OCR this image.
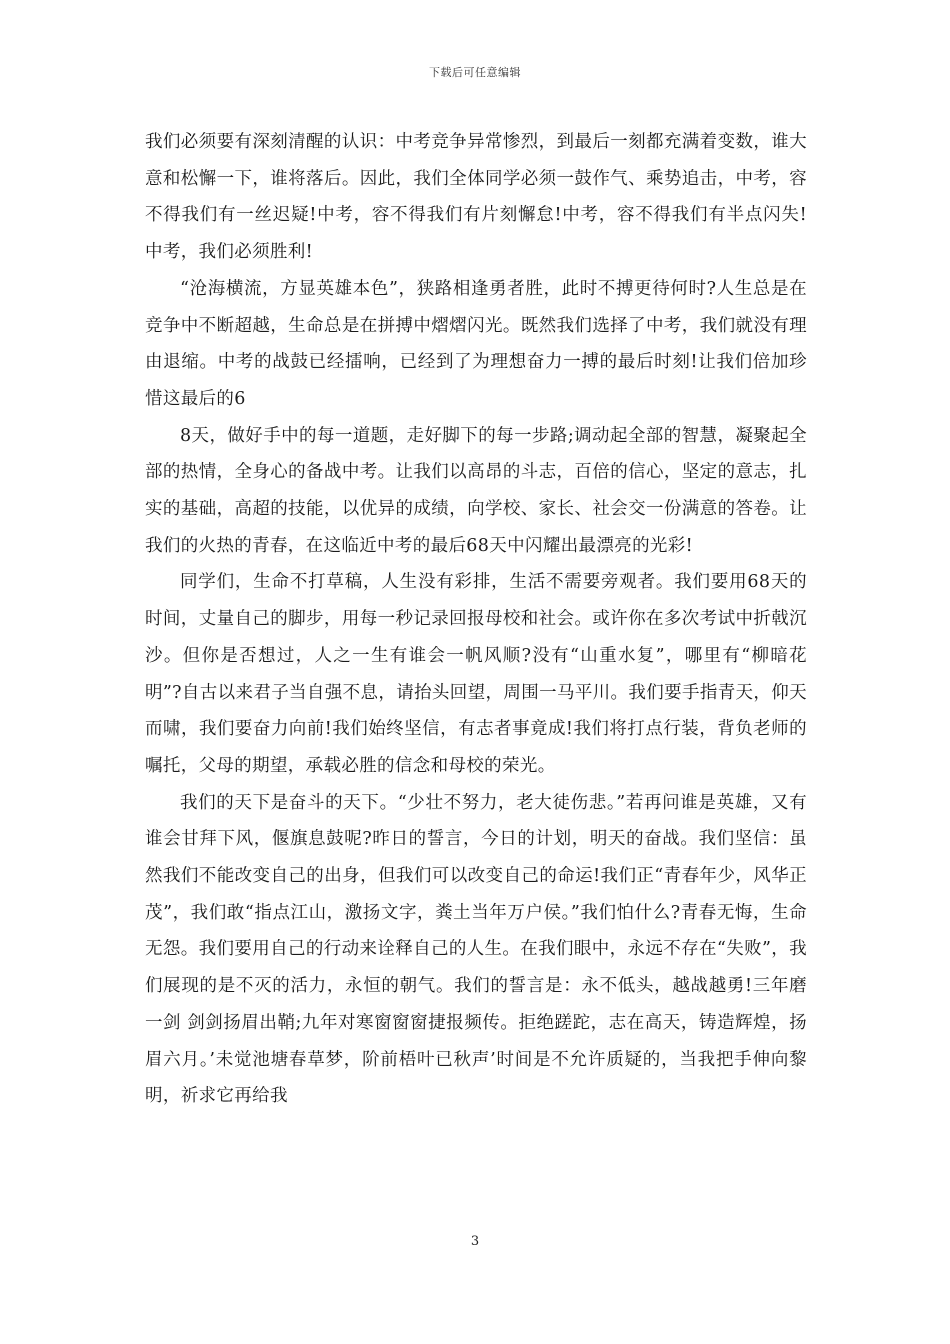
下载后可任意编辑

我们必须要有深刻清醒的认识：中考竞争异常惨烈，到最后一刻都充满着变数，谁大意和松懈一下，谁将落后。因此，我们全体同学必须一鼓作气、乘势追击，中考，容不得我们有一丝迟疑!中考，容不得我们有片刻懈怠!中考，容不得我们有半点闪失!中考，我们必须胜利!

“沧海横流，方显英雄本色”，狭路相逢勇者胜，此时不搏更待何时?人生总是在竞争中不断超越，生命总是在拼搏中熠熠闪光。既然我们选择了中考，我们就没有理由退缩。中考的战鼓已经擂响，已经到了为理想奋力一搏的最后时刻!让我们倍加珍惜这最后的6

8天，做好手中的每一道题，走好脚下的每一步路;调动起全部的智慧，凝聚起全部的热情，全身心的备战中考。让我们以高昂的斗志，百倍的信心，坚定的意志，扎实的基础，高超的技能，以优异的成绩，向学校、家长、社会交一份满意的答卷。让我们的火热的青春，在这临近中考的最后68天中闪耀出最漂亮的光彩!

同学们，生命不打草稿，人生没有彩排，生活不需要旁观者。我们要用68天的时间，丈量自己的脚步，用每一秒记录回报母校和社会。或许你在多次考试中折戟沉沙。但你是否想过，人之一生有谁会一帆风顺?没有“山重水复”，哪里有“柳暗花明”?自古以来君子当自强不息，请抬头回望，周围一马平川。我们要手指青天，仰天而啸，我们要奋力向前!我们始终坚信，有志者事竟成!我们将打点行装，背负老师的嘱托，父母的期望，承载必胜的信念和母校的荣光。

我们的天下是奋斗的天下。“少壮不努力，老大徒伤悲。”若再问谁是英雄，又有谁会甘拜下风，偃旗息鼓呢?昨日的誓言，今日的计划，明天的奋战。我们坚信：虽然我们不能改变自己的出身，但我们可以改变自己的命运!我们正“青春年少，风华正茂”，我们敢“指点江山，激扬文字，粪土当年万户侯。”我们怕什么?青春无悔，生命无怨。我们要用自己的行动来诠释自己的人生。在我们眼中，永远不存在“失败”，我们展现的是不灭的活力，永恒的朝气。我们的誓言是：永不低头，越战越勇!三年磨一剑 剑剑扬眉出鞘;九年对寒窗窗窗捷报频传。拒绝蹉跎，志在高天，铸造辉煌，扬眉六月。’未觉池塘春草梦，阶前梧叶已秋声’时间是不允许质疑的，当我把手伸向黎明，祈求它再给我

3
